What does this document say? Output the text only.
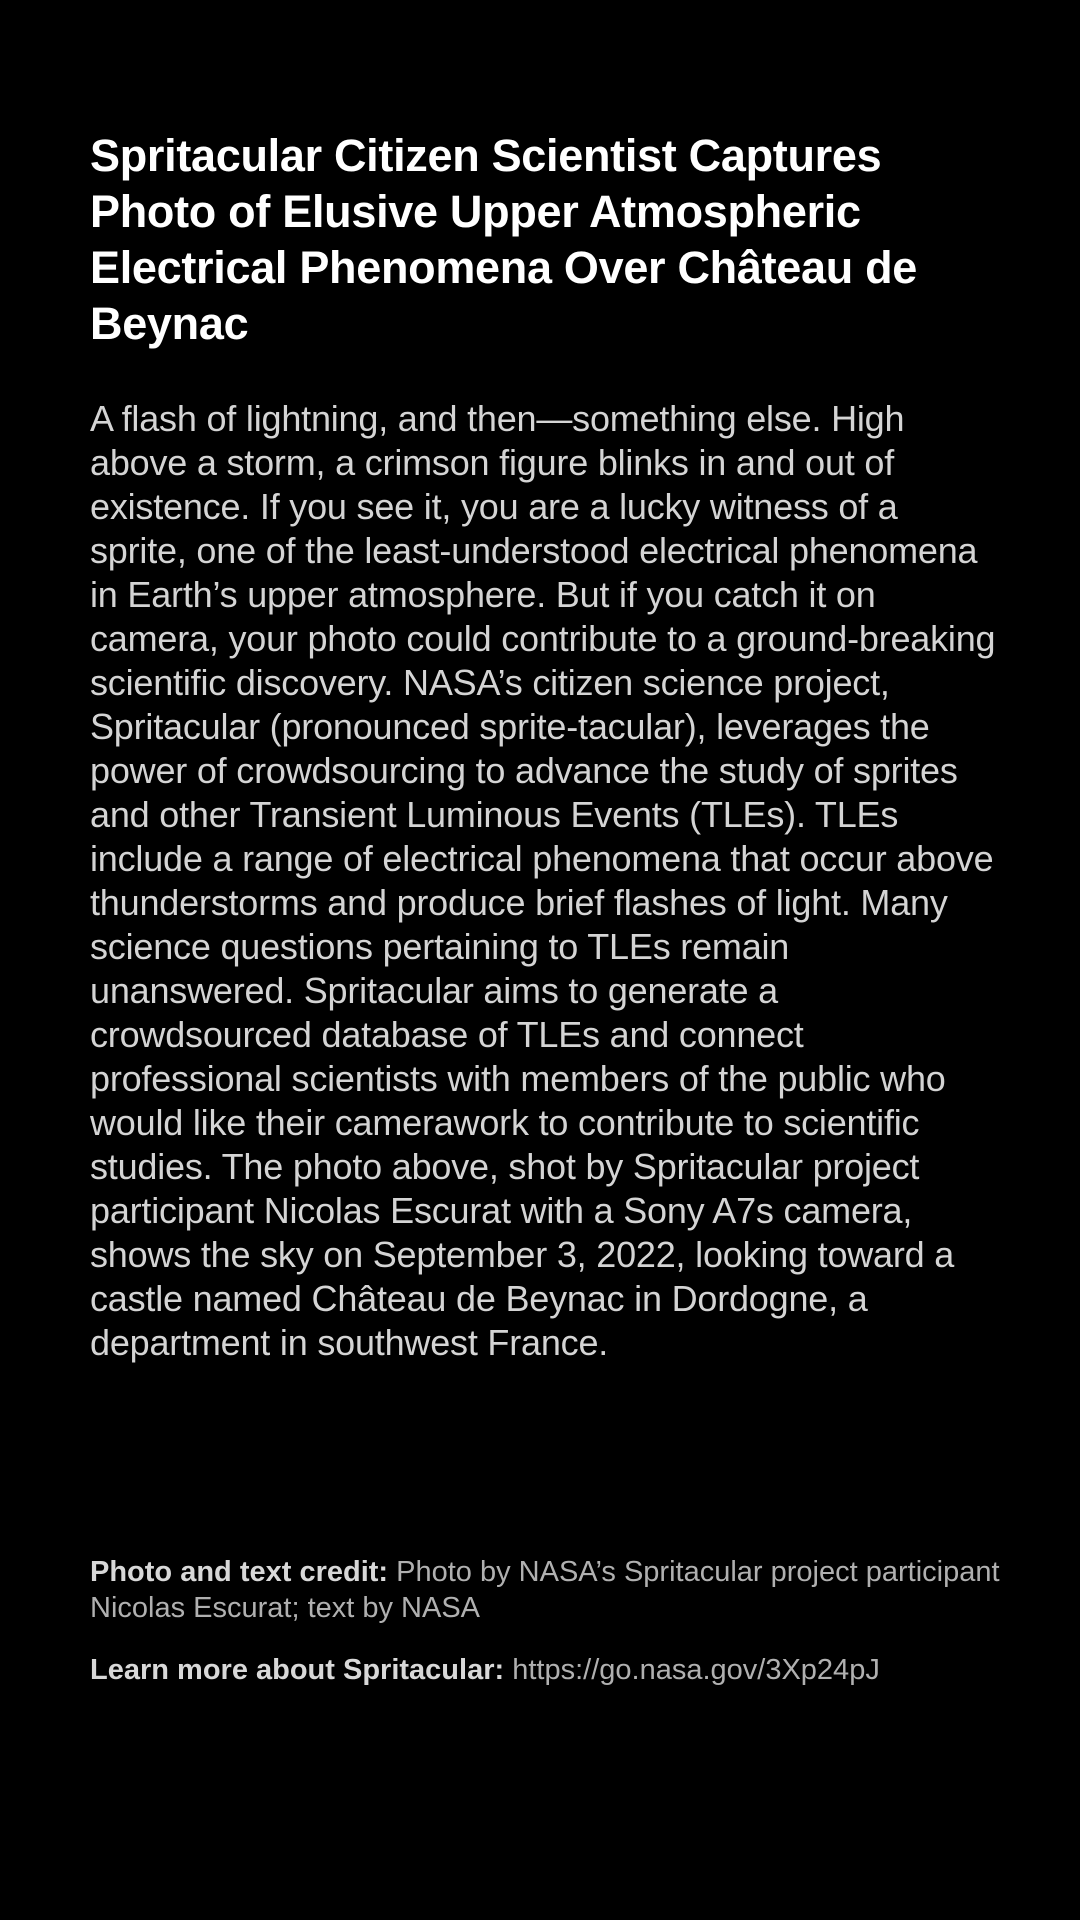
Spritacular Citizen Scientist Captures Photo of Elusive Upper Atmospheric Electrical Phenomena Over Château de Beynac

A flash of lightning, and then—something else. High above a storm, a crimson figure blinks in and out of existence. If you see it, you are a lucky witness of a sprite, one of the least-understood electrical phenomena in Earth’s upper atmosphere. But if you catch it on camera, your photo could contribute to a ground-breaking scientific discovery. NASA’s citizen science project, Spritacular (pronounced sprite-tacular), leverages the power of crowdsourcing to advance the study of sprites and other Transient Luminous Events (TLEs). TLEs include a range of electrical phenomena that occur above thunderstorms and produce brief flashes of light. Many science questions pertaining to TLEs remain unanswered. Spritacular aims to generate a crowdsourced database of TLEs and connect professional scientists with members of the public who would like their camerawork to contribute to scientific studies. The photo above, shot by Spritacular project participant Nicolas Escurat with a Sony A7s camera, shows the sky on September 3, 2022, looking toward a castle named Château de Beynac in Dordogne, a department in southwest France.

Photo and text credit: Photo by NASA’s Spritacular project participant Nicolas Escurat; text by NASA

Learn more about Spritacular: https://go.nasa.gov/3Xp24pJ
